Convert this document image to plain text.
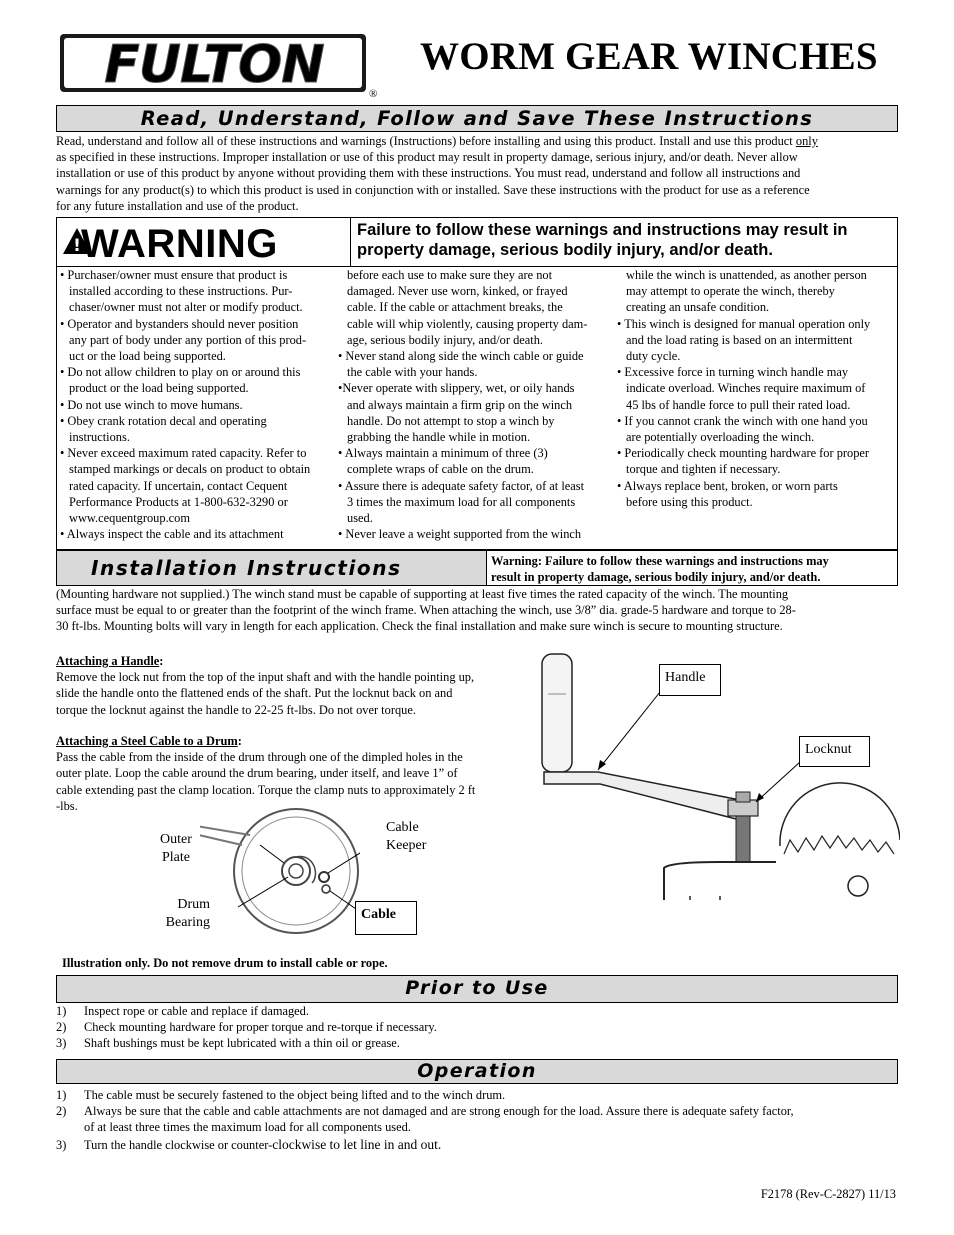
FULTON	®
WORM GEAR WINCHES
Read, Understand, Follow and Save These Instructions

Read, understand and follow all of these instructions and warnings (Instructions) before installing and using this product. Install and use this product only

as specified in these instructions. Improper installation or use of this product may result in property damage, serious injury, and/or death. Never allow

installation or use of this product by anyone without providing them with these instructions. You must read, understand and follow all instructions and

warnings for any product(s) to which this product is used in conjunction with or installed. Save these instructions with the product for use as a reference

for any future installation and use of the product.

! WARNING	Failure to follow these warnings and instructions may result in property damage, serious bodily injury, and/or death.
• Purchaser/owner must ensure that product is
installed according to these instructions. Pur-
chaser/owner must not alter or modify product.
• Operator and bystanders should never position
any part of body under any portion of this prod-
uct or the load being supported.
• Do not allow children to play on or around this
product or the load being supported.
• Do not use winch to move humans.
• Obey crank rotation decal and operating
instructions.
• Never exceed maximum rated capacity. Refer to
stamped markings or decals on product to obtain
rated capacity. If uncertain, contact Cequent
Performance Products at 1-800-632-3290 or
www.cequentgroup.com
• Always inspect the cable and its attachment
before each use to make sure they are not
damaged. Never use worn, kinked, or frayed
cable. If the cable or attachment breaks, the
cable will whip violently, causing property dam-
age, serious bodily injury, and/or death.
• Never stand along side the winch cable or guide
the cable with your hands.
•Never operate with slippery, wet, or oily hands
and always maintain a firm grip on the winch
handle. Do not attempt to stop a winch by
grabbing the handle while in motion.
• Always maintain a minimum of three (3)
complete wraps of cable on the drum.
• Assure there is adequate safety factor, of at least
3 times the maximum load for all components
used.
• Never leave a weight supported from the winch
while the winch is unattended, as another person
may attempt to operate the winch, thereby
creating an unsafe condition.
• This winch is designed for manual operation only
and the load rating is based on an intermittent
duty cycle.
• Excessive force in turning winch handle may
indicate overload. Winches require maximum of
45 lbs of handle force to pull their rated load.
• If you cannot crank the winch with one hand you
are potentially overloading the winch.
• Periodically check mounting hardware for proper
torque and tighten if necessary.
• Always replace bent, broken, or worn parts
before using this product.
Installation Instructions	Warning: Failure to follow these warnings and instructions may
result in property damage, serious bodily injury, and/or death.

(Mounting hardware not supplied.) The winch stand must be capable of supporting at least five times the rated capacity of the winch. The mounting

surface must be equal to or greater than the footprint of the winch frame. When attaching the winch, use 3/8” dia. grade-5 hardware and torque to 28-

30 ft-lbs. Mounting bolts will vary in length for each application. Check the final installation and make sure winch is secure to mounting structure.

Attaching a Handle:

Remove the lock nut from the top of the input shaft and with the handle pointing up,

slide the handle onto the flattened ends of the shaft. Put the locknut back on and

torque the locknut against the handle to 22-25 ft-lbs. Do not over torque.

Attaching a Steel Cable to a Drum:

Pass the cable from the inside of the drum through one of the dimpled holes in the

outer plate. Loop the cable around the drum bearing, under itself, and leave 1” of

cable extending past the clamp location. Torque the clamp nuts to approximately 2 ft

-lbs.

Outer
Plate
Cable
Keeper
Drum
Bearing
Cable
Handle
Locknut
Illustration only. Do not remove drum to install cable or rope.
Prior to Use
1) Inspect rope or cable and replace if damaged.
2) Check mounting hardware for proper torque and re-torque if necessary.
3) Shaft bushings must be kept lubricated with a thin oil or grease.
Operation
1) The cable must be securely fastened to the object being lifted and to the winch drum.
2) Always be sure that the cable and cable attachments are not damaged and are strong enough for the load. Assure there is adequate safety factor,
of at least three times the maximum load for all components used.
3) Turn the handle clockwise or counter-clockwise to let line in and out.
F2178 (Rev-C-2827) 11/13
